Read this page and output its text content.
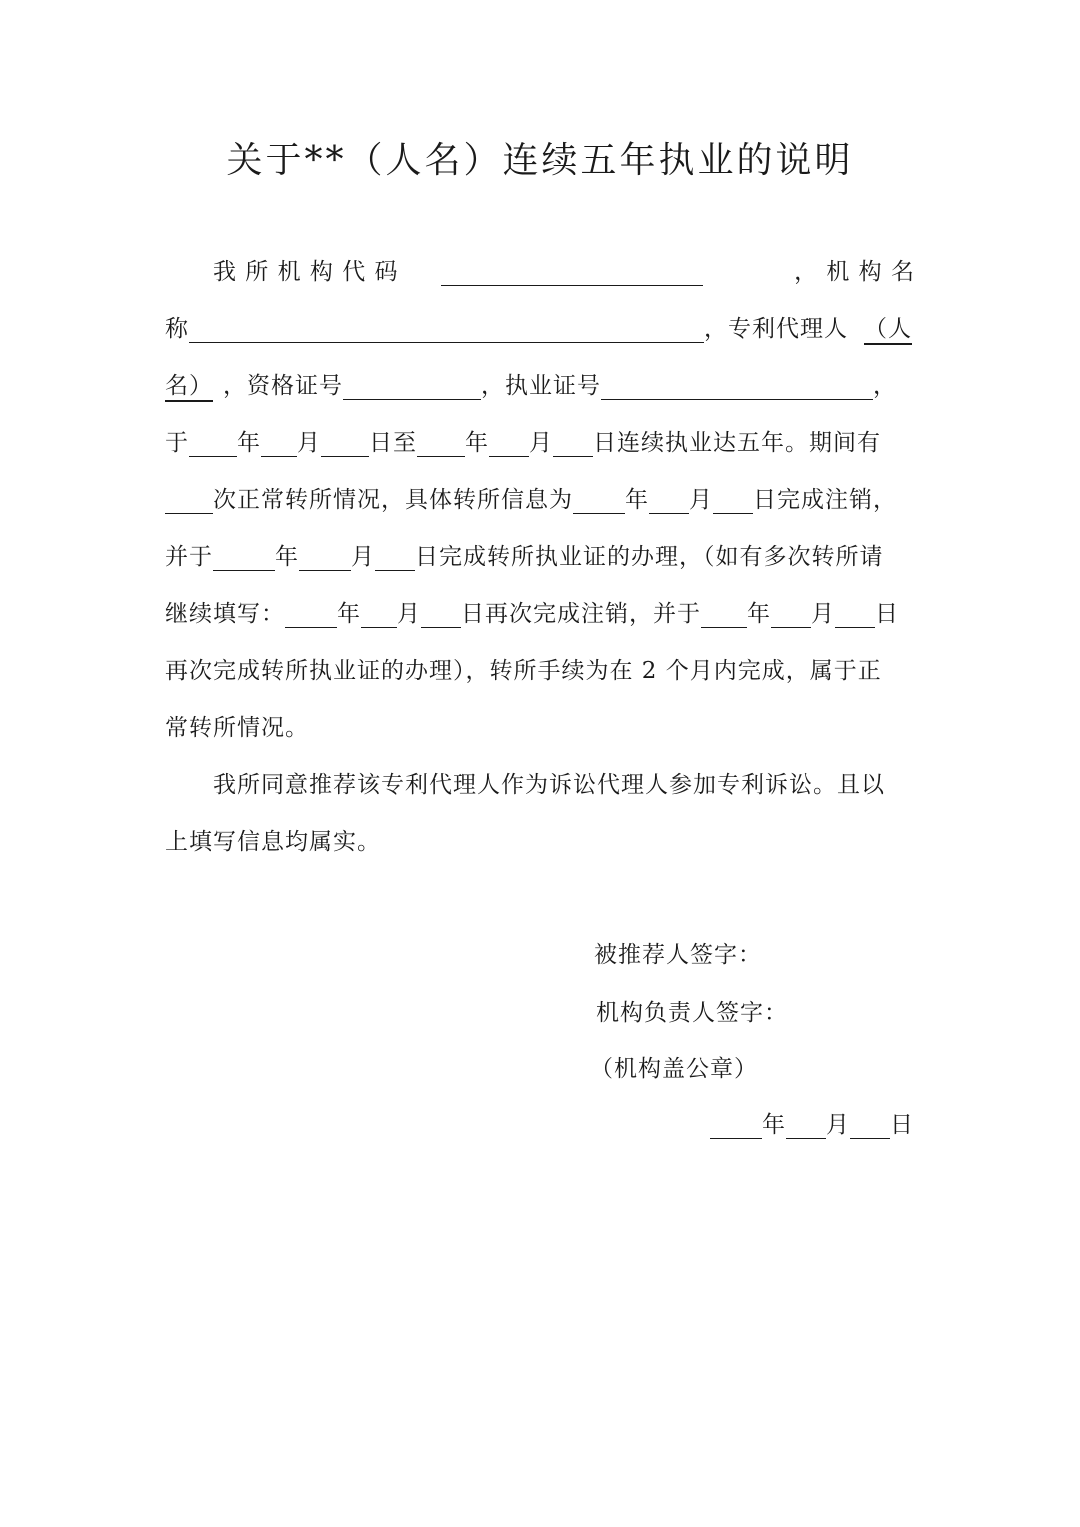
关于**（人名）连续五年执业的说明
我 所 机 构 代 码	， 机 构 名
称	，专利代理人 （人
名） ，资格证号	，执业证号	，
于 年 月 日至 年 月 日连续执业达五年。期间有
次正常转所情况，具体转所信息为 年 月 日完成注销，
并于	年 月 日完成转所执业证的办理，（如有多次转所请
继续填写： 年 月 日再次完成注销，并于 年 月 日
再次完成转所执业证的办理），转所手续为在 2 个月内完成，属于正
常转所情况。
我所同意推荐该专利代理人作为诉讼代理人参加专利诉讼。且以
上填写信息均属实。
被推荐人签字：
机构负责人签字：
（机构盖公章）
年 月 日
